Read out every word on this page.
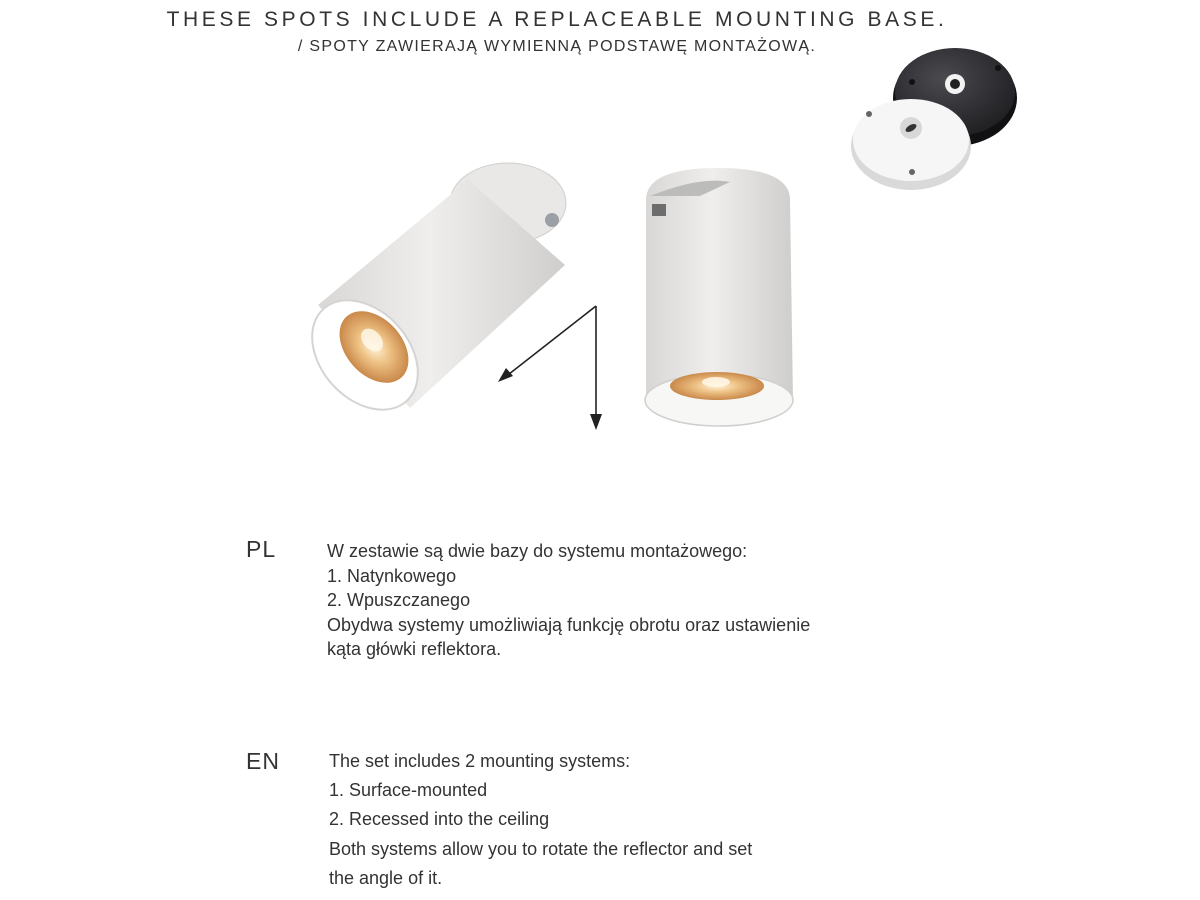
THESE SPOTS INCLUDE A REPLACEABLE MOUNTING BASE.
/ SPOTY ZAWIERAJĄ WYMIENNĄ PODSTAWĘ MONTAŻOWĄ.
PL	W zestawie są dwie bazy do systemu montażowego:
1. Natynkowego
2. Wpuszczanego
Obydwa systemy umożliwiają funkcję obrotu oraz ustawienie
kąta główki reflektora.
EN	The set includes 2 mounting systems:
1. Surface-mounted
2. Recessed into the ceiling
Both systems allow you to rotate the reflector and set
the angle of it.
